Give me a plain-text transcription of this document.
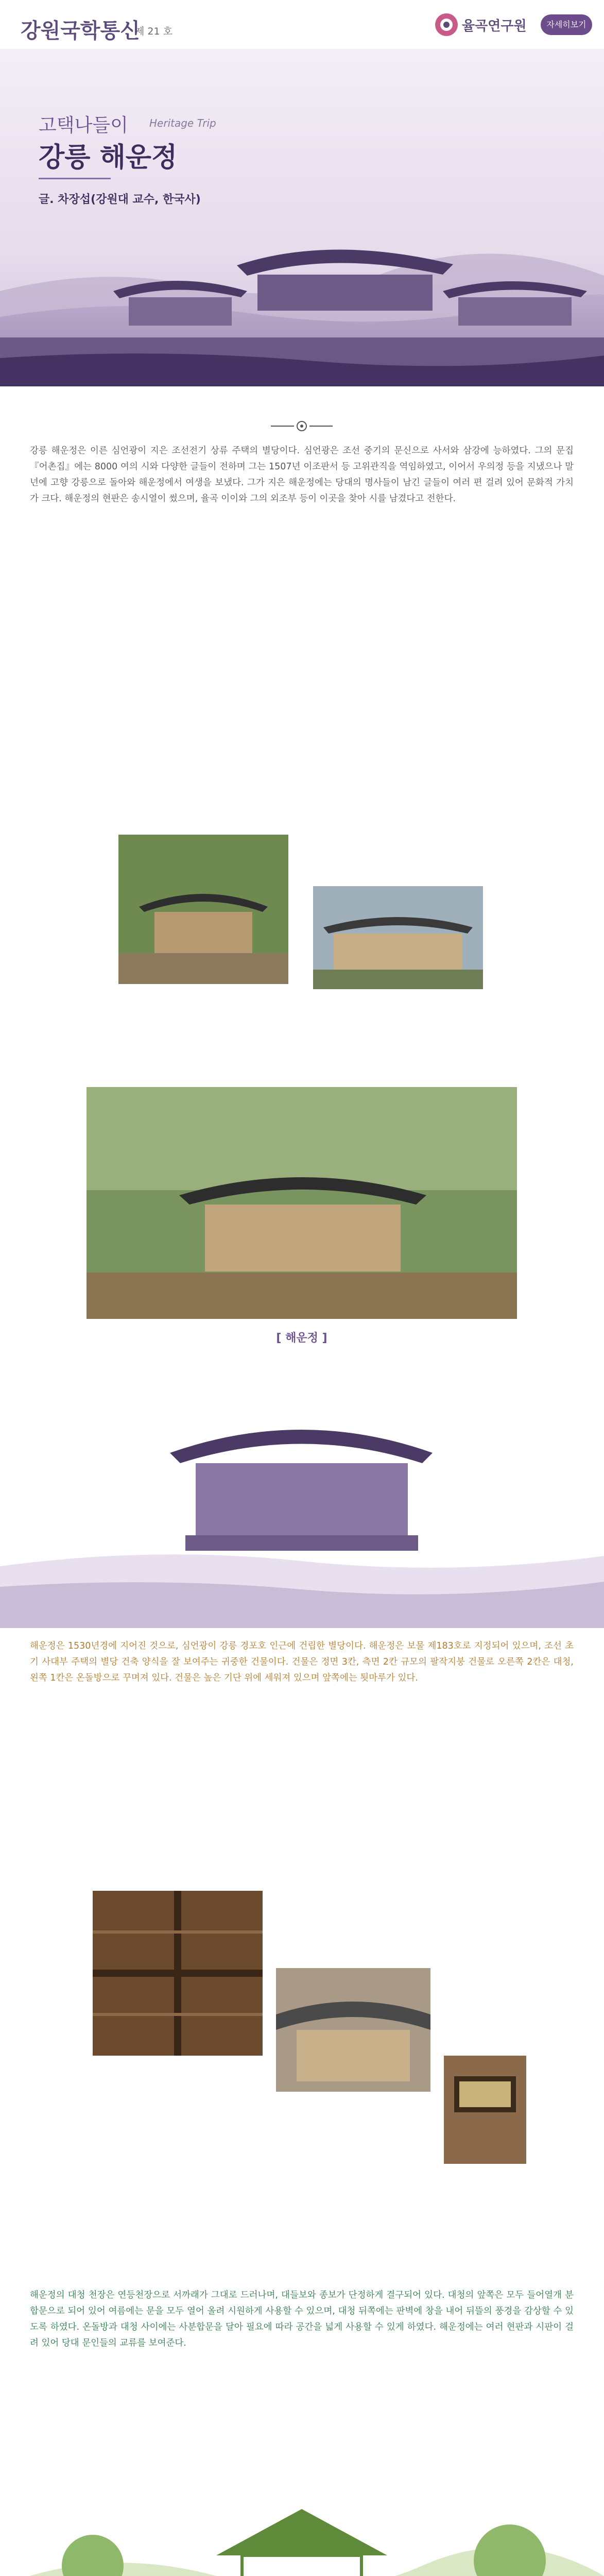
강원국학통신
제 21 호	율곡연구원	자세히보기
고택나들이 Heritage Trip
강릉 해운정
글. 차장섭(강원대 교수, 한국사)
강릉 해운정은 이른 심언광이 지은 조선전기 상류 주택의 별당이다. 심언광은 조선 중기의 문신으로 사서와 삼강에 능하였다. 그의 문집 『어촌집』에는 8000 여의 시와 다양한 글들이 전하며 그는 1507년 이조판서 등 고위관직을 역임하였고, 이어서 우의정 등을 지냈으나 말년에 고향 강릉으로 돌아와 해운정에서 여생을 보냈다. 그가 지은 해운정에는 당대의 명사들이 남긴 글들이 여러 편 걸려 있어 문화적 가치가 크다. 해운정의 현판은 송시열이 썼으며, 율곡 이이와 그의 외조부 등이 이곳을 찾아 시를 남겼다고 전한다.
[ 해운정 ]
해운정은 1530년경에 지어진 것으로, 심언광이 강릉 경포호 인근에 건립한 별당이다. 해운정은 보물 제183호로 지정되어 있으며, 조선 초기 사대부 주택의 별당 건축 양식을 잘 보여주는 귀중한 건물이다. 건물은 정면 3칸, 측면 2칸 규모의 팔작지붕 건물로 오른쪽 2칸은 대청, 왼쪽 1칸은 온돌방으로 꾸며져 있다. 건물은 높은 기단 위에 세워져 있으며 앞쪽에는 툇마루가 있다.
해운정의 대청 천장은 연등천장으로 서까래가 그대로 드러나며, 대들보와 종보가 단정하게 결구되어 있다. 대청의 앞쪽은 모두 들어열개 분합문으로 되어 있어 여름에는 문을 모두 열어 올려 시원하게 사용할 수 있으며, 대청 뒤쪽에는 판벽에 창을 내어 뒤뜰의 풍경을 감상할 수 있도록 하였다. 온돌방과 대청 사이에는 사분합문을 달아 필요에 따라 공간을 넓게 사용할 수 있게 하였다. 해운정에는 여러 현판과 시판이 걸려 있어 당대 문인들의 교류를 보여준다.
